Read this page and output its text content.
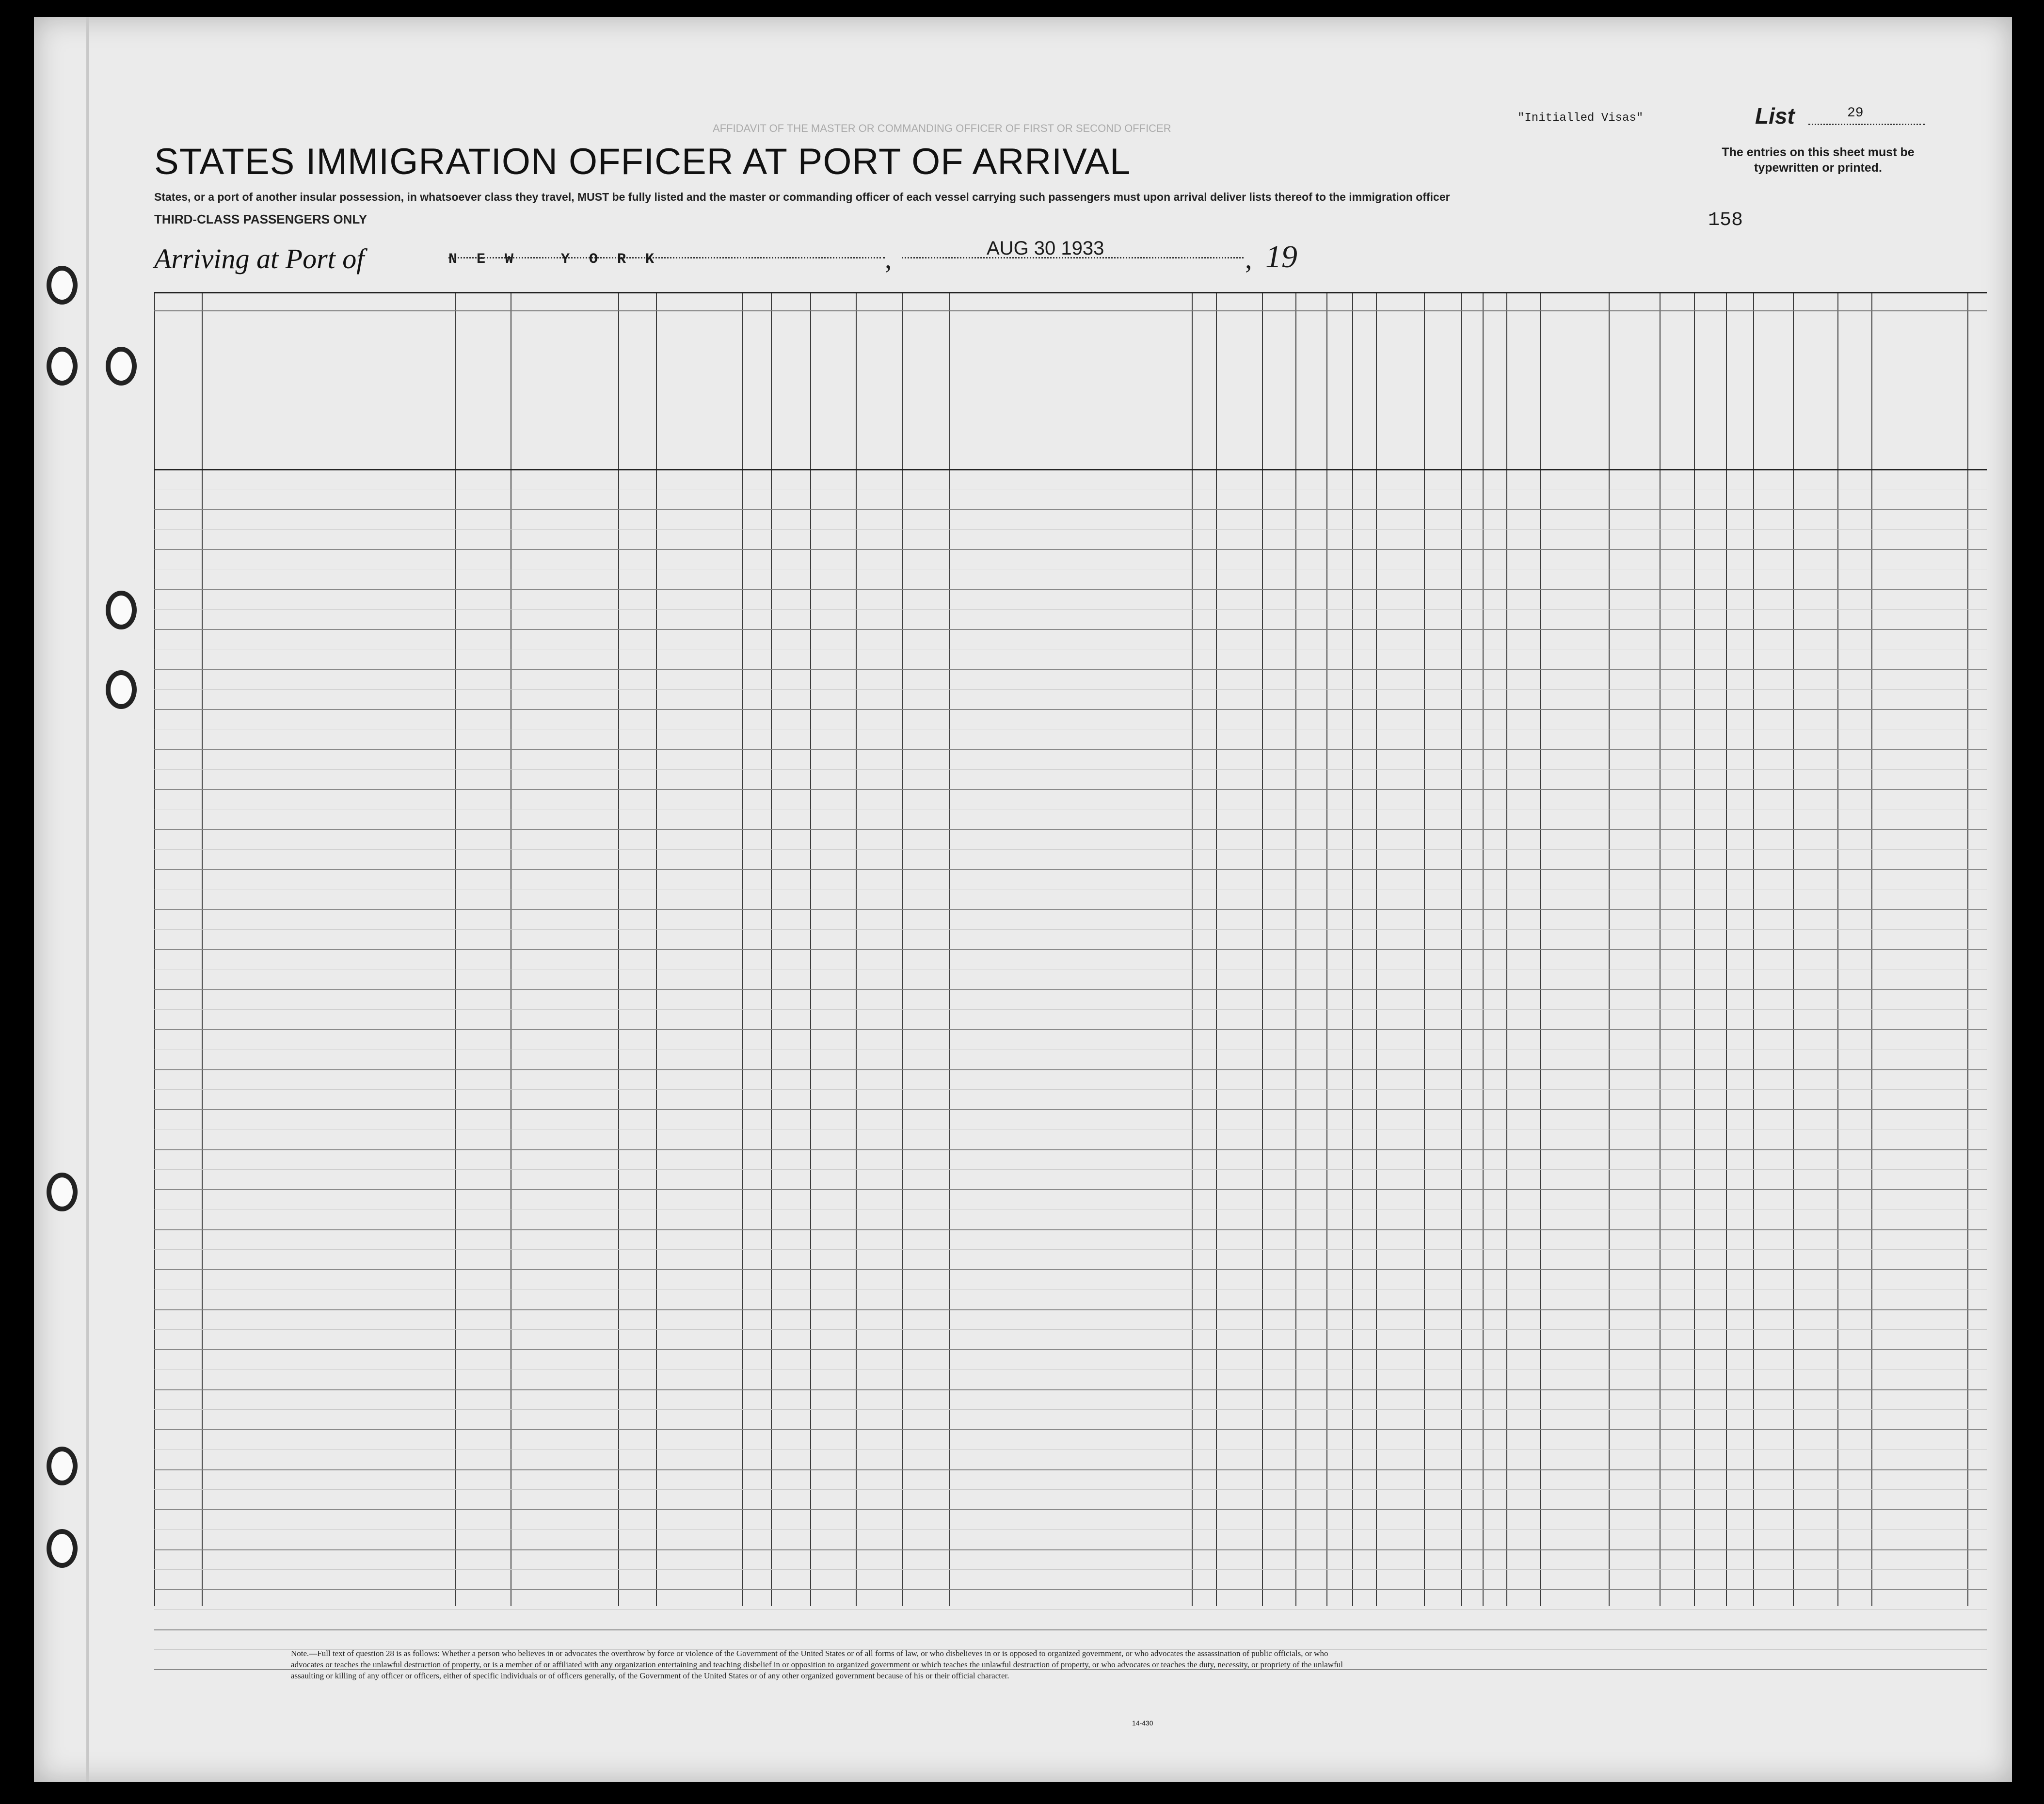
AFFIDAVIT OF THE MASTER OR COMMANDING OFFICER OF FIRST OR SECOND OFFICER
STATES IMMIGRATION OFFICER AT PORT OF ARRIVAL
States, or a port of another insular possession, in whatsoever class they travel, MUST be fully listed and the master or commanding officer of each vessel carrying such passengers must upon arrival deliver lists thereof to the immigration officer
THIRD-CLASS PASSENGERS ONLY
Arriving at Port of	NEW YORK	,	AUG 30 1933	, 19
"Initialled Visas"	List	29
The entries on this sheet must be typewritten or printed.
158
Note.—Full text of question 28 is as follows: Whether a person who believes in or advocates the overthrow by force or violence of the Government of the United States or of all forms of law, or who disbelieves in or is opposed to organized government, or who advocates the assassination of public officials, or who advocates or teaches the unlawful destruction of property, or is a member of or affiliated with any organization entertaining and teaching disbelief in or opposition to organized government or which teaches the unlawful destruction of property, or who advocates or teaches the duty, necessity, or propriety of the unlawful assaulting or killing of any officer or officers, either of specific individuals or of officers generally, of the Government of the United States or of any other organized government because of his or their official character.
14-430
